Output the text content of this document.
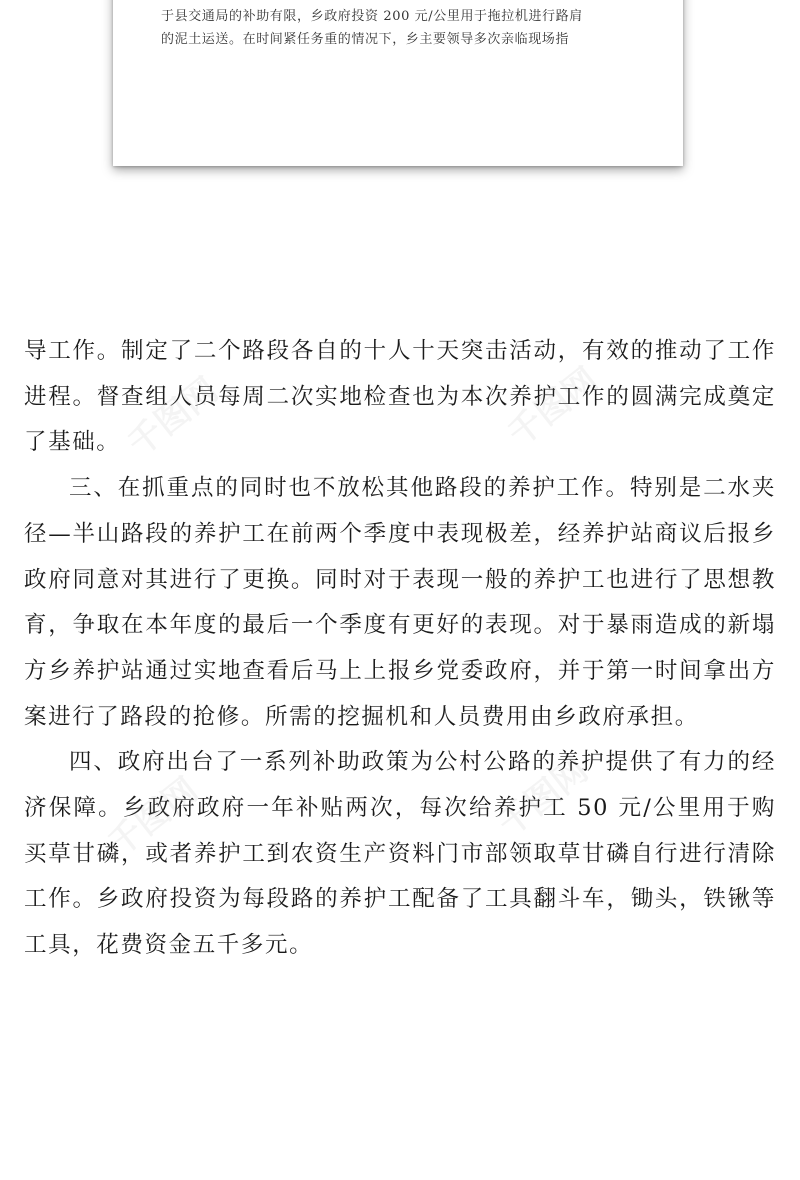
于县交通局的补助有限，乡政府投资 200 元/公里用于拖拉机进行路肩
的泥土运送。在时间紧任务重的情况下，乡主要领导多次亲临现场指

导工作。制定了二个路段各自的十人十天突击活动，有效的推动了工作进程。督查组人员每周二次实地检查也为本次养护工作的圆满完成奠定了基础。

三、在抓重点的同时也不放松其他路段的养护工作。特别是二水夹径—半山路段的养护工在前两个季度中表现极差，经养护站商议后报乡政府同意对其进行了更换。同时对于表现一般的养护工也进行了思想教育，争取在本年度的最后一个季度有更好的表现。对于暴雨造成的新塌方乡养护站通过实地查看后马上上报乡党委政府，并于第一时间拿出方案进行了路段的抢修。所需的挖掘机和人员费用由乡政府承担。

四、政府出台了一系列补助政策为公村公路的养护提供了有力的经济保障。乡政府政府一年补贴两次，每次给养护工 50 元/公里用于购买草甘磷，或者养护工到农资生产资料门市部领取草甘磷自行进行清除工作。乡政府投资为每段路的养护工配备了工具翻斗车，锄头，铁锹等工具，花费资金五千多元。

千图网	千图网
千图网	千图网
